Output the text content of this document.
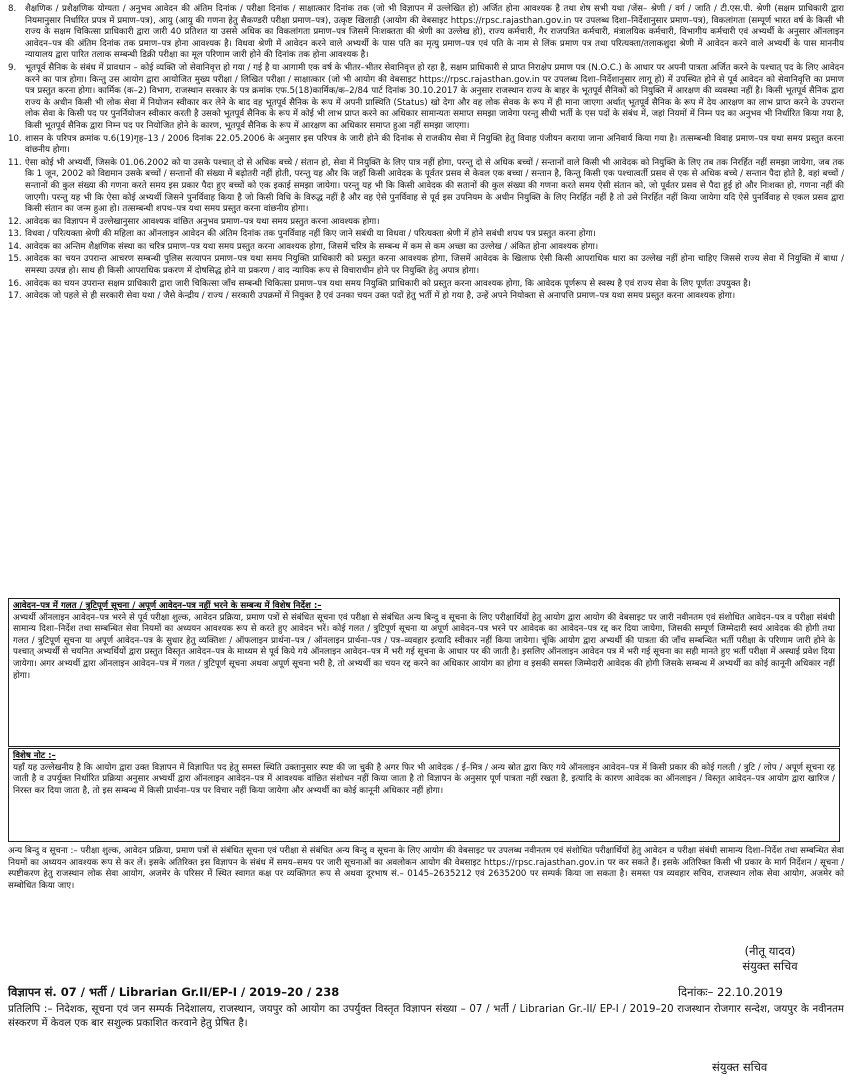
8.	शैक्षणिक / प्रशैक्षणिक योग्यता / अनुभव आवेदन की अंतिम दिनांक / परीक्षा दिनांक / साक्षात्कार दिनांक तक (जो भी विज्ञापन में उल्लेखित हो) अर्जित होना आवश्यक है तथा शेष सभी यथा /जेंस– श्रेणी / वर्ग / जाति / टी.एस.पी. श्रेणी (सक्षम प्राधिकारी द्वारा नियमानुसार निर्धारित प्रपत्र में प्रमाण–पत्र), आयु (आयु की गणना हेतु सैकण्डरी परीक्षा प्रमाण–पत्र), उत्कृष्ट खिलाड़ी (आयोग की वेबसाइट https://rpsc.rajasthan.gov.in पर उपलब्ध दिशा–निर्देशानुसार प्रमाण–पत्र), विकलांगता (सम्पूर्ण भारत वर्ष के किसी भी राज्य के सक्षम चिकित्सा प्राधिकारी द्वारा जारी 40 प्रतिशत या उससे अधिक का विकलांगता प्रमाण–पत्र जिसमें निःशक्तता की श्रेणी का उल्लेख हो), राज्य कर्मचारी, गैर राजपत्रित कर्मचारी, मंत्रालयिक कर्मचारी, विभागीय कर्मचारी एवं अभ्यर्थी के अनुसार ऑनलाइन आवेदन–पत्र की अंतिम दिनांक तक प्रमाण–पत्र होना आवश्यक है। विधवा श्रेणी में आवेदन करने वाले अभ्यर्थी के पास पति का मृत्यु प्रमाण–पत्र एवं पति के नाम से लिंक प्रमाण पत्र तथा परित्यक्ता/तलाकशुदा श्रेणी में आवेदन करने वाले अभ्यर्थी के पास माननीय न्यायालय द्वारा पारित तलाक सम्बन्धी डिक्री परीक्षा का मूल परिणाम जारी होने की दिनांक तक होना आवश्यक है।
9.	भूतपूर्व सैनिक के संबंध में प्रावधान – कोई व्यक्ति जो सेवानिवृत्त हो गया / गई है या आगामी एक वर्ष के भीतर–भीतर सेवानिवृत्त हो रहा है, सक्षम प्राधिकारी से प्राप्त निराक्षेप प्रमाण पत्र (N.O.C.) के आधार पर अपनी पात्रता अर्जित करने के पश्चात् पद के लिए आवेदन करने का पात्र होगा। किन्तु उस आयोग द्वारा आयोजित मुख्य परीक्षा / लिखित परीक्षा / साक्षात्कार (जो भी आयोग की वेबसाइट https://rpsc.rajasthan.gov.in पर उपलब्ध दिशा–निर्देशानुसार लागू हो) में उपस्थित होने से पूर्व आवेदन को सेवानिवृत्ति का प्रमाण पत्र प्रस्तुत करना होगा। कार्मिक (क–2) विभाग, राजस्थान सरकार के पत्र क्रमांक एफ.5(18)कार्मिक/क–2/84 पार्ट दिनांक 30.10.2017 के अनुसार राजस्थान राज्य के बाहर के भूतपूर्व सैनिकों को नियुक्ति में आरक्षण की व्यवस्था नहीं है। किसी भूतपूर्व सैनिक द्वारा राज्य के अधीन किसी भी लोक सेवा में नियोजन स्वीकार कर लेने के बाद वह भूतपूर्व सैनिक के रूप में अपनी प्रास्थिति (Status) खो देगा और वह लोक सेवक के रूप में ही माना जाएगा अर्थात् भूतपूर्व सैनिक के रूप में देय आरक्षण का लाभ प्राप्त करने के उपरान्त लोक सेवा के किसी पद पर पुनर्नियोजन स्वीकार करती है उसको भूतपूर्व सैनिक के रूप में कोई भी लाभ प्राप्त करने का अधिकार सामान्यतः समाप्त समझा जावेगा परन्तु सीधी भर्ती के एस पदों के संबंध में, जहां नियमों में निम्न पद का अनुभव भी निर्धारित किया गया है, किसी भूतपूर्व सैनिक द्वारा निम्न पद पर नियोजित होने के कारण, भूतपूर्व सैनिक के रूप में आरक्षण का अधिकार समाप्त हुआ नहीं समझा जाएगा।
10. शासन के परिपत्र क्रमांक प.6(19)गृह–13 / 2006 दिनांक 22.05.2006 के अनुसार इस परिपत्र के जारी होने की दिनांक से राजकीय सेवा में नियुक्ति हेतु विवाह पंजीयन कराया जाना अनिवार्य किया गया है। तत्सम्बन्धी विवाह प्रमाण–पत्र यथा समय प्रस्तुत करना वांछनीय होगा।
11. ऐसा कोई भी अभ्यर्थी, जिसके 01.06.2002 को या उसके पश्चात् दो से अधिक बच्चे / संतान हो, सेवा में नियुक्ति के लिए पात्र नहीं होगा, परन्तु दो से अधिक बच्चों / सन्तानों वाले किसी भी आवेदक को नियुक्ति के लिए तब तक निरर्हित नहीं समझा जायेगा, जब तक कि 1 जून, 2002 को विद्यमान उसके बच्चों / सन्तानों की संख्या में बढ़ोतरी नहीं होती, परन्तु यह और कि जहाँ किसी आवेदक के पूर्वतर प्रसव से केवल एक बच्चा / सन्तान है, किन्तु किसी एक पश्चात्वर्ती प्रसव से एक से अधिक बच्चे / सन्तान पैदा होते है, वहां बच्चों / सन्तानों की कुल संख्या की गणना करते समय इस प्रकार पैदा हुए बच्चों को एक इकाई समझा जायेगा। परन्तु यह भी कि किसी आवेदक की सतानों की कुल संख्या की गणना करते समय ऐसी संतान को, जो पूर्वतर प्रसव से पैदा हुई हो और निःशक्त हो, गणना नहीं की जाएगी। परन्तु यह भी कि ऐसा कोई अभ्यर्थी जिसने पुनर्विवाह किया है जो किसी विधि के विरुद्ध नहीं है और वह ऐसे पुनर्विवाह से पूर्व इस उपनियम के अधीन नियुक्ति के लिए निरर्हित नहीं है तो उसे निरर्हित नहीं किया जायेगा यदि ऐसे पुनर्विवाह से एकल प्रसव द्वारा किसी संतान का जन्म हुआ हो। तत्सम्बन्धी शपथ–पत्र यथा समय प्रस्तुत करना वांछनीय होगा।
12. आवेदक का विज्ञापन में उल्लेखानुसार आवश्यक वांछित अनुभव प्रमाण–पत्र यथा समय प्रस्तुत करना आवश्यक होगा।
13. विधवा / परित्यक्ता श्रेणी की महिला का ऑनलाइन आवेदन की अंतिम दिनांक तक पुनर्विवाह नहीं किए जाने सबंधी या विधवा / परित्यक्ता श्रेणी में होने सबंधी शपथ पत्र प्रस्तुत करना होगा।
14. आवेदक का अन्तिम शैक्षणिक संस्था का चरित्र प्रमाण–पत्र यथा समय प्रस्तुत करना आवश्यक होगा, जिसमें चरित्र के सम्बन्ध में कम से कम अच्छा का उल्लेख / अंकित होना आवश्यक होगा।
15. आवेदक का चयन उपरान्त आचरण सम्बन्धी पुलिस सत्यापन प्रमाण–पत्र यथा समय नियुक्ति प्राधिकारी को प्रस्तुत करना आवश्यक होगा, जिसमें आवेदक के खिलाफ ऐसी किसी आपराधिक धारा का उल्लेख नहीं होना चाहिए जिससे राज्य सेवा में नियुक्ति में बाधा / समस्या उत्पन्न हो। साथ ही किसी आपराधिक प्रकरण में दोषसिद्ध होने या प्रकरण / वाद न्यायिक रूप से विचाराधीन होने पर नियुक्ति हेतु अपात्र होगा।
16. आवेदक का चयन उपरान्त सक्षम प्राधिकारी द्वारा जारी चिकित्सा जाँच सम्बन्धी चिकित्सा प्रमाण–पत्र यथा समय नियुक्ति प्राधिकारी को प्रस्तुत करना आवश्यक होगा, कि आवेदक पूर्णरूप से स्वस्थ है एवं राज्य सेवा के लिए पूर्णतः उपयुक्त है।
17. आवेदक जो पहले से ही सरकारी सेवा यथा / जैसे केन्द्रीय / राज्य / सरकारी उपक्रमों में नियुक्त है एवं उनका चयन उक्त पदों हेतु भर्ती में हो गया है, उन्हें अपने नियोक्ता से अनापत्ति प्रमाण–पत्र यथा समय प्रस्तुत करना आवश्यक होगा।
आवेदन–पत्र में गलत / त्रुटिपूर्ण सूचना / अपूर्ण आवेदन–पत्र नहीं भरने के सम्बन्ध में विशेष निर्देश :–
अभ्यर्थी ऑनलाइन आवेदन–पत्र भरने से पूर्व परीक्षा शुल्क, आवेदन प्रक्रिया, प्रमाण पत्रों से संबंधित सूचना एवं परीक्षा से संबंधित अन्य बिन्दु व सूचना के लिए परीक्षार्थियों हेतु आयोग द्वारा आयोग की वेबसाइट पर जारी नवीनतम एवं संशोधित आवेदन–पत्र व परीक्षा संबंधी सामान्य दिशा–निर्देश तथा सम्बन्धित सेवा नियमों का अध्ययन आवश्यक रूप से करते हुए आवेदन भरें। कोई गलत / त्रुटिपूर्ण सूचना या अपूर्ण आवेदन–पत्र भरने पर आवेदक का आवेदन–पत्र रद्द कर दिया जायेगा, जिसकी सम्पूर्ण जिम्मेदारी स्वयं आवेदक की होगी तथा गलत / त्रुटिपूर्ण सूचना या अपूर्ण आवेदन–पत्र के सुधार हेतु व्यक्तिशः / ऑफलाइन प्रार्थना–पत्र / ऑनलाइन प्रार्थना–पत्र / पत्र–व्यवहार इत्यादि स्वीकार नहीं किया जायेगा। चूंकि आयोग द्वारा अभ्यर्थी की पात्रता की जाँच सम्बन्धित भर्ती परीक्षा के परिणाम जारी होने के पश्चात् अभ्यर्थी से चयनित अभ्यर्थियों द्वारा प्रस्तुत विस्तृत आवेदन–पत्र के माध्यम से पूर्व किये गये ऑनलाइन आवेदन–पत्र में भरी गई सूचना के आधार पर की जाती है। इसलिए ऑनलाइन आवेदन पत्र में भरी गई सूचना का सही मानते हुए भर्ती परीक्षा में अस्थाई प्रवेश दिया जायेगा। अगर अभ्यर्थी द्वारा ऑनलाइन आवेदन–पत्र में गलत / त्रुटिपूर्ण सूचना अथवा अपूर्ण सूचना भरी है, तो अभ्यर्थी का चयन रद्द करने का अधिकार आयोग का होगा व इसकी समस्त जिम्मेदारी आवेदक की होगी जिसके सम्बन्ध में अभ्यर्थी का कोई कानूनी अधिकार नहीं होगा।
विशेष नोट :–
यहाँ यह उल्लेखनीय है कि आयोग द्वारा उक्त विज्ञापन में विज्ञापित पद हेतु समस्त स्थिति उक्तानुसार स्पष्ट की जा चुकी है अगर फिर भी आवेदक / ई–मित्र / अन्य स्रोत द्वारा किए गये ऑनलाइन आवेदन–पत्र में किसी प्रकार की कोई गलती / त्रुटि / लोप / अपूर्ण सूचना रह जाती है व उपर्युक्त निर्धारित प्रक्रिया अनुसार अभ्यर्थी द्वारा ऑनलाइन आवेदन–पत्र में आवश्यक वांछित संशोधन नहीं किया जाता है तो विज्ञापन के अनुसार पूर्ण पात्रता नहीं रखता है, इत्यादि के कारण आवेदक का ऑनलाइन / विस्तृत आवेदन–पत्र आयोग द्वारा खारिज / निरस्त कर दिया जाता है, तो इस सम्बन्ध में किसी प्रार्थना–पत्र पर विचार नहीं किया जायेगा और अभ्यर्थी का कोई कानूनी अधिकार नहीं होगा।
अन्य बिन्दु व सूचना :– परीक्षा शुल्क, आवेदन प्रक्रिया, प्रमाण पत्रों से संबंधित सूचना एवं परीक्षा से संबंधित अन्य बिन्दु व सूचना के लिए आयोग की वेबसाइट पर उपलब्ध नवीनतम एवं संशोधित परीक्षार्थियों हेतु आवेदन व परीक्षा संबंधी सामान्य दिशा–निर्देश तथा सम्बन्धित सेवा नियमों का अध्ययन आवश्यक रूप से कर लें। इसके अतिरिक्त इस विज्ञापन के संबंध में समय–समय पर जारी सूचनाओं का अवलोकन आयोग की वेबसाइट https://rpsc.rajasthan.gov.in पर कर सकते हैं। इसके अतिरिक्त किसी भी प्रकार के मार्ग निर्देशन / सूचना / स्पष्टीकरण हेतु राजस्थान लोक सेवा आयोग, अजमेर के परिसर में स्थित स्वागत कक्ष पर व्यक्तिगत रूप से अथवा दूरभाष सं.– 0145–2635212 एवं 2635200 पर सम्पर्क किया जा सकता है। समस्त पत्र व्यवहार सचिव, राजस्थान लोक सेवा आयोग, अजमेर को सम्बोधित किया जाए।
(नीतू यादव)
संयुक्त सचिव
विज्ञापन सं. 07 / भर्ती / Librarian Gr.II/EP-I / 2019–20 / 238	दिनांकः– 22.10.2019
प्रतिलिपि :– निदेशक, सूचना एवं जन सम्पर्क निदेशालय, राजस्थान, जयपुर को आयोग का उपर्युक्त विस्तृत विज्ञापन संख्या – 07 / भर्ती / Librarian Gr.-II/ EP-I / 2019–20 राजस्थान रोजगार सन्देश, जयपुर के नवीनतम संस्करण में केवल एक बार सशुल्क प्रकाशित करवाने हेतु प्रेषित है।
संयुक्त सचिव
